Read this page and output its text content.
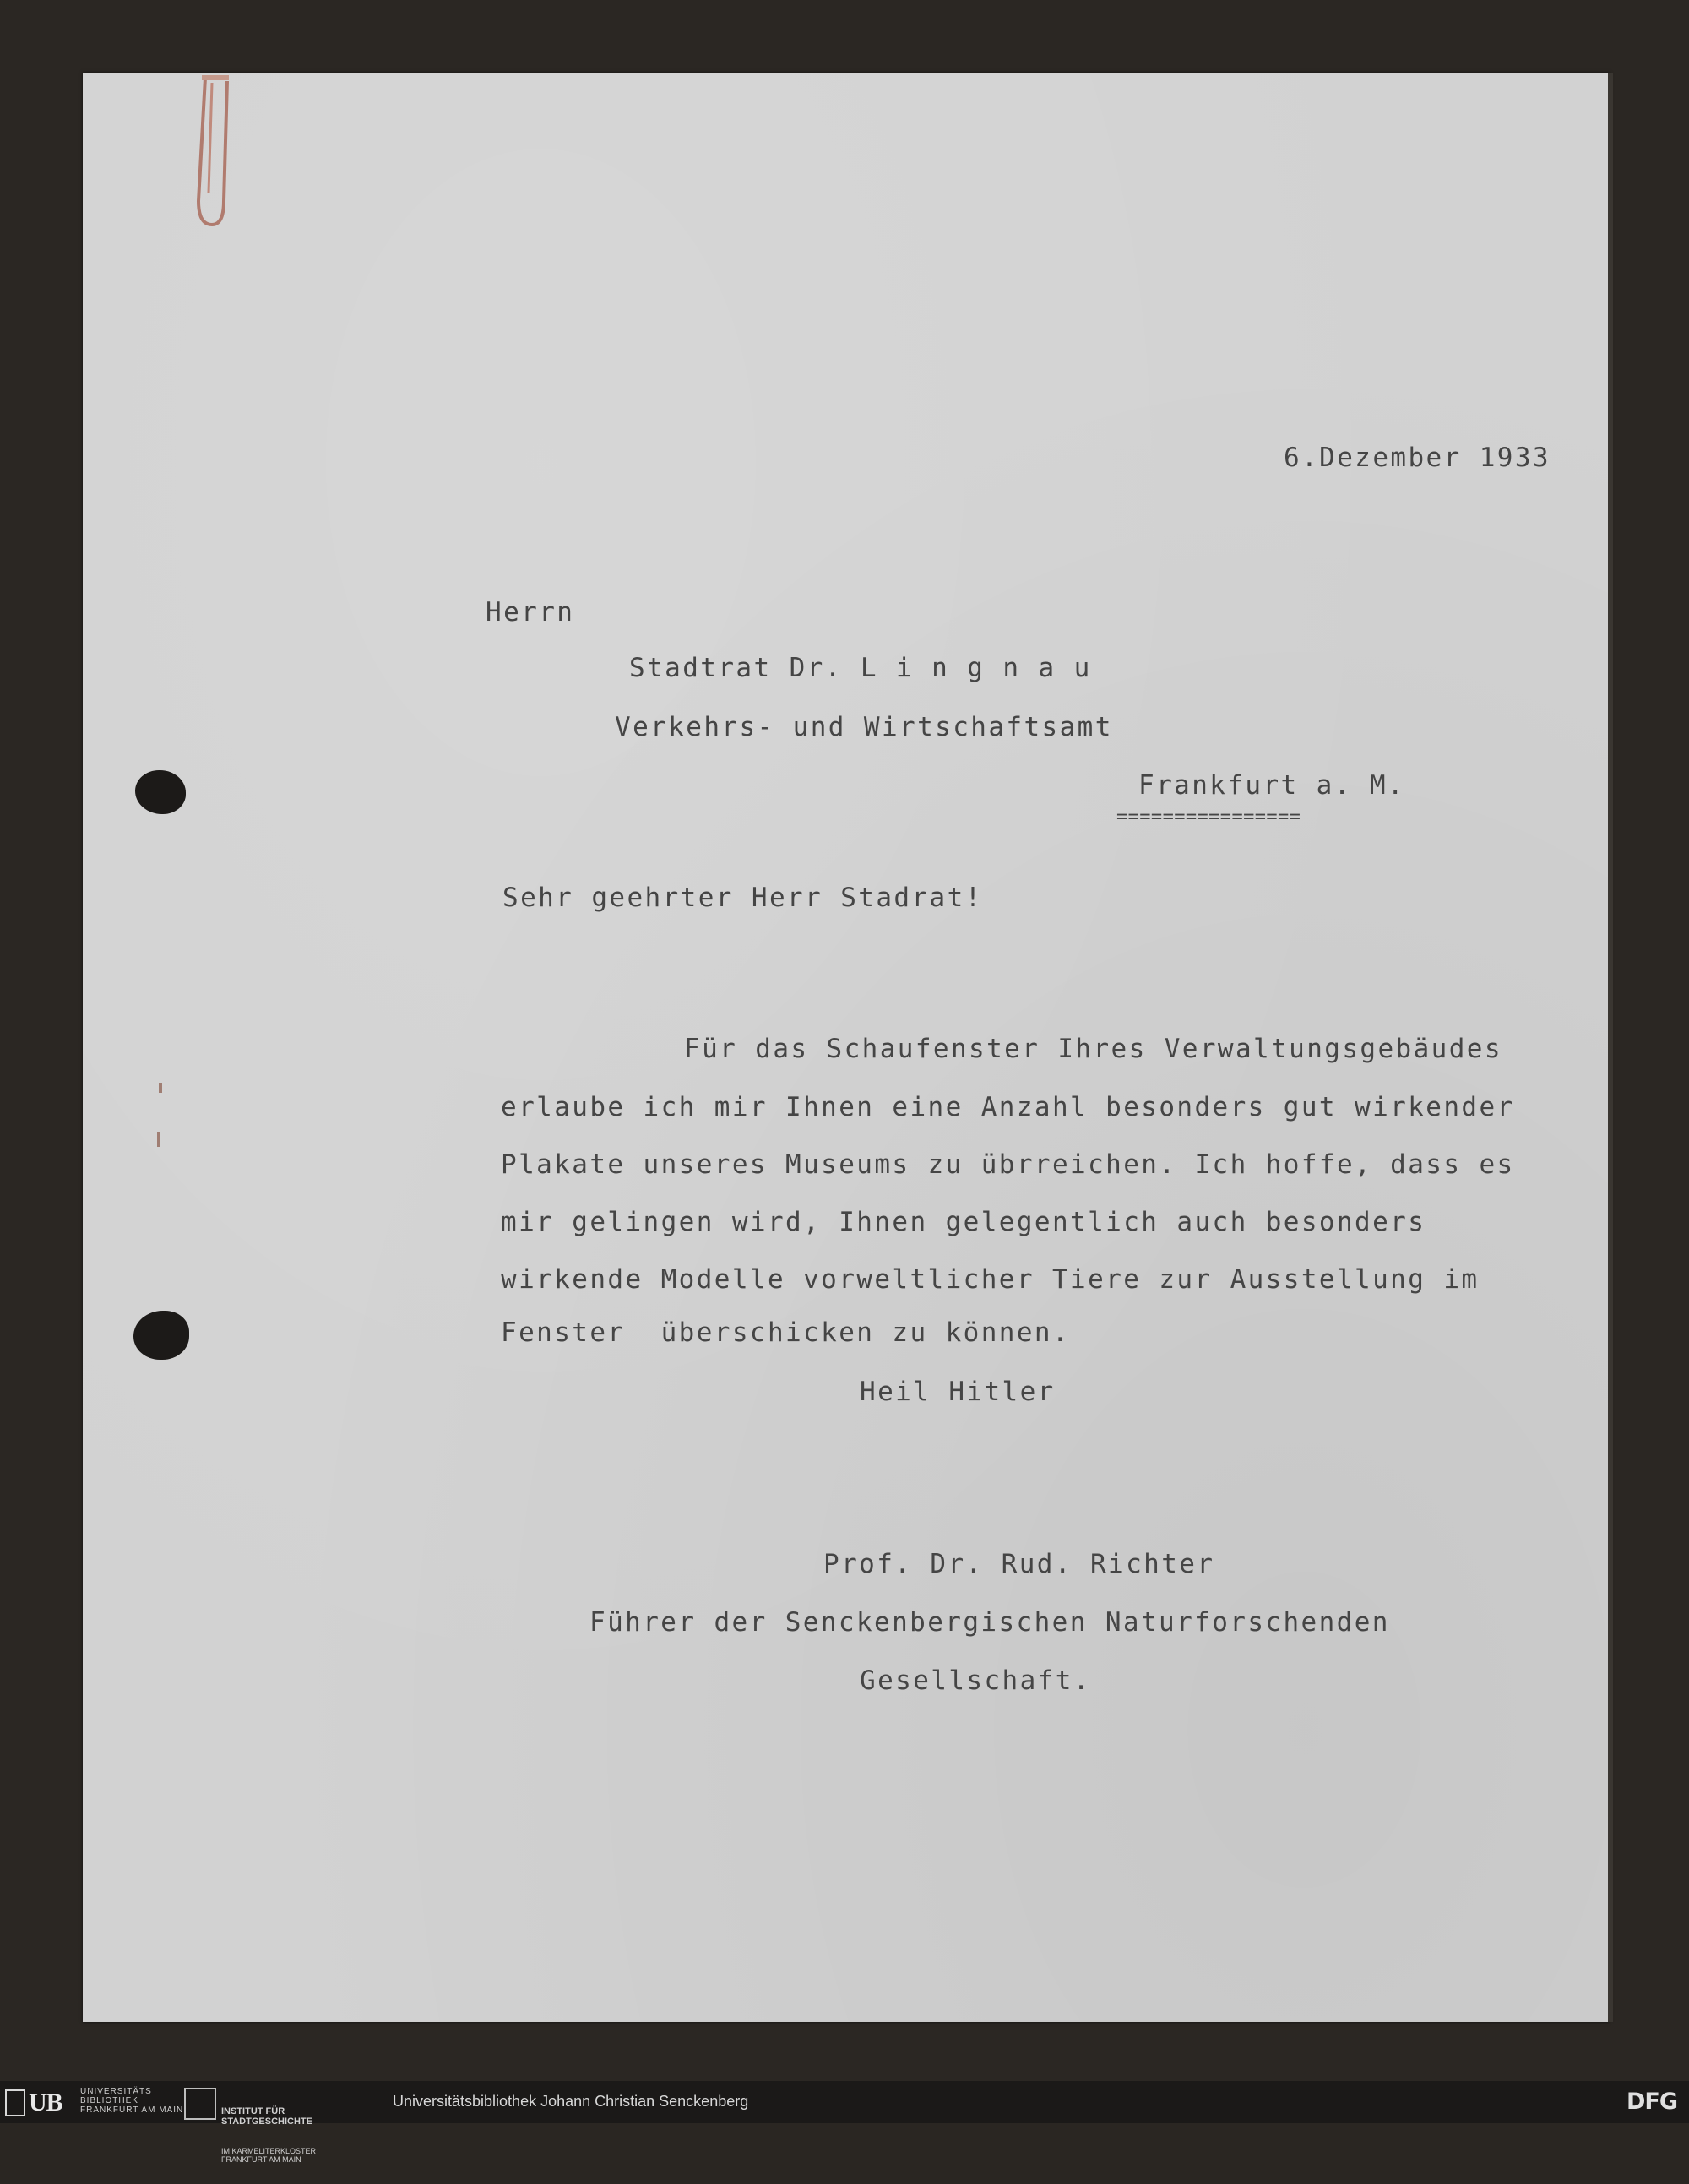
6.Dezember 1933
Herrn
Stadtrat Dr. L i n g n a u
Verkehrs- und Wirtschaftsamt
Frankfurt a. M.
================
Sehr geehrter Herr Stadrat!
Für das Schaufenster Ihres Verwaltungsgebäudes
erlaube ich mir Ihnen eine Anzahl besonders gut wirkender
Plakate unseres Museums zu übrreichen. Ich hoffe, dass es
mir gelingen wird, Ihnen gelegentlich auch besonders
wirkende Modelle vorweltlicher Tiere zur Ausstellung im
Fenster  überschicken zu können.
Heil Hitler
Prof. Dr. Rud. Richter
Führer der Senckenbergischen Naturforschenden
Gesellschaft.
UB UNIVERSITÄTS
BIBLIOTHEK
FRANKFURT AM MAIN

	INSTITUT FÜR
STADTGESCHICHTE

IM KARMELITERKLOSTER
FRANKFURT AM MAIN

Universitätsbibliothek Johann Christian Senckenberg	DFG
